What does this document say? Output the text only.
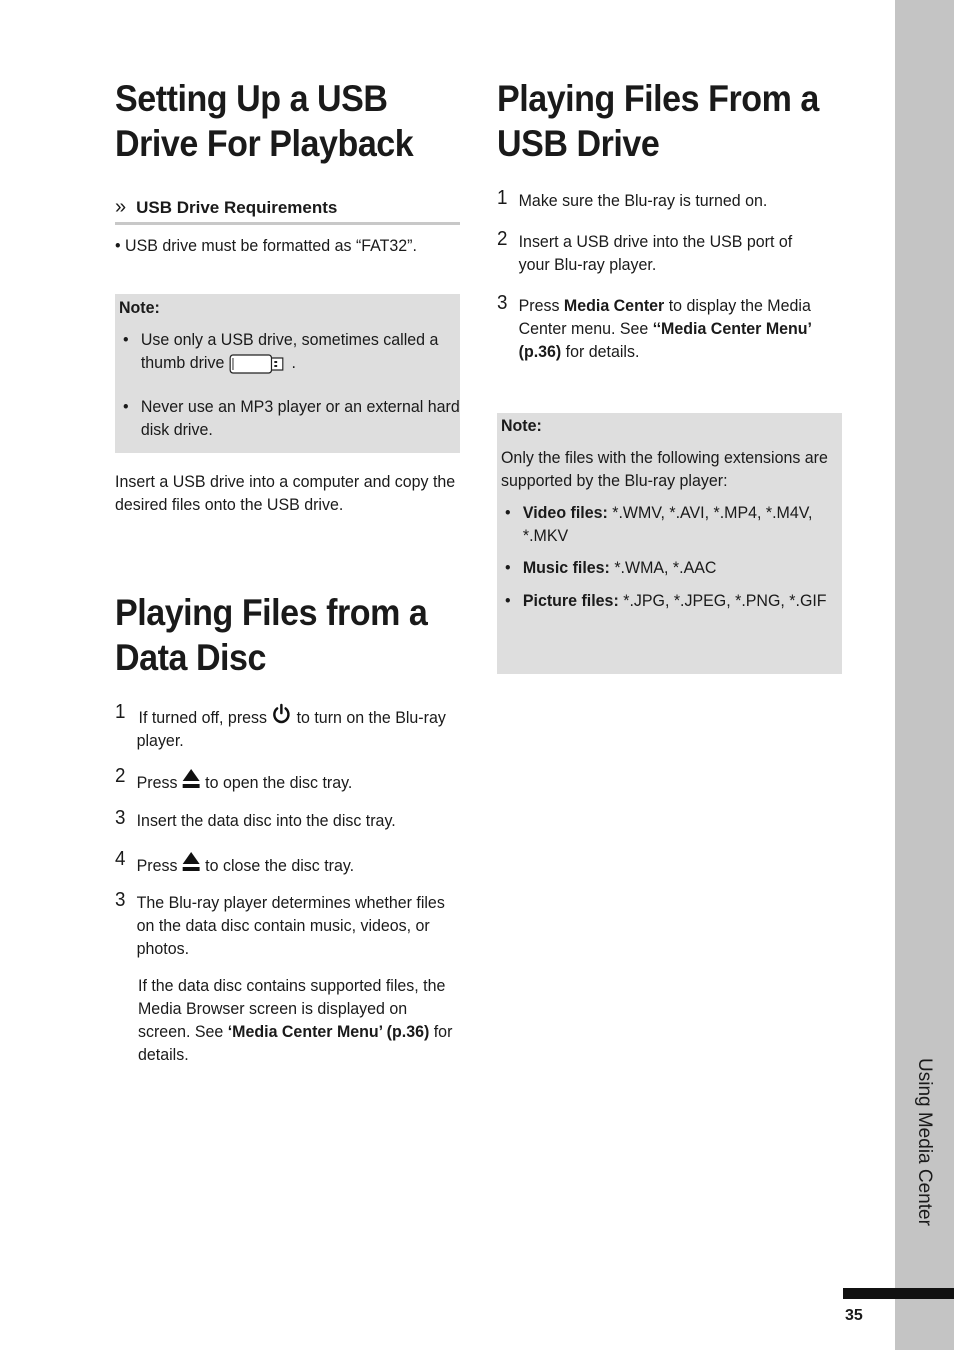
Setting Up a USB
Drive For Playback
» USB Drive Requirements
• USB drive must be formatted as “FAT32”.
Note:
• Use only a USB drive, sometimes called a
thumb drive	.
• Never use an MP3 player or an external hard disk drive.
Insert a USB drive into a computer and copy the desired files onto the USB drive.
Playing Files from a
Data Disc
1 If turned off, press to turn on the Blu-ray player.
2 Press to open the disc tray.
3 Insert the data disc into the disc tray.
4 Press to close the disc tray.
3 The Blu-ray player determines whether files on the data disc contain music, videos, or photos.
If the data disc contains supported files, the Media Browser screen is displayed on screen. See ‘Media Center Menu’ (p.36) for details.
Playing Files From a
USB Drive
1 Make sure the Blu-ray is turned on.
2 Insert a USB drive into the USB port of your Blu-ray player.
3 Press Media Center to display the Media Center menu. See ‘‘Media Center Menu’ (p.36) for details.
Note:
Only the files with the following extensions are supported by the Blu-ray player:
• Video files: *.WMV, *.AVI, *.MP4, *.M4V, *.MKV
• Music files: *.WMA, *.AAC
• Picture files: *.JPG, *.JPEG, *.PNG, *.GIF
Using Media Center
35
